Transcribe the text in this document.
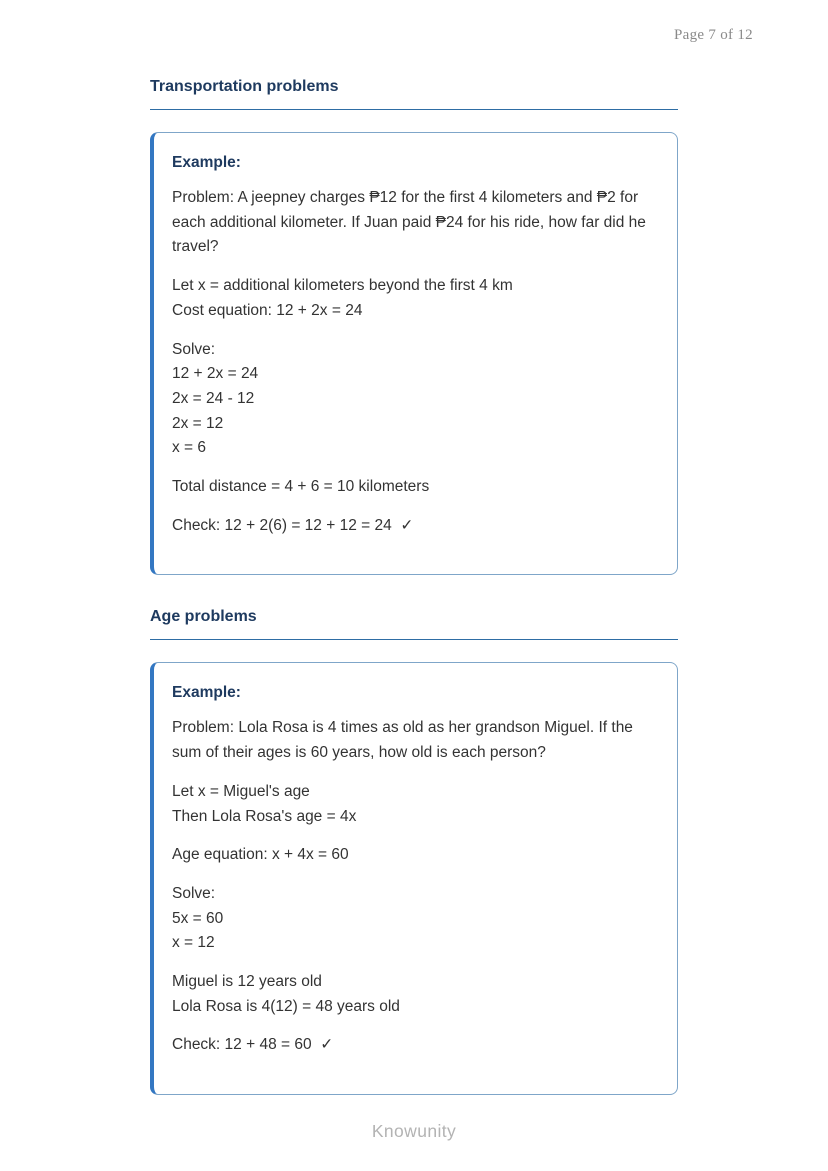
Page 7 of 12
Transportation problems
Example:
Problem: A jeepney charges ₱12 for the first 4 kilometers and ₱2 for each additional kilometer. If Juan paid ₱24 for his ride, how far did he travel?
Let x = additional kilometers beyond the first 4 km
Cost equation: 12 + 2x = 24
Solve:
12 + 2x = 24
2x = 24 - 12
2x = 12
x = 6
Total distance = 4 + 6 = 10 kilometers
Check: 12 + 2(6) = 12 + 12 = 24  ✓
Age problems
Example:
Problem: Lola Rosa is 4 times as old as her grandson Miguel. If the sum of their ages is 60 years, how old is each person?
Let x = Miguel's age
Then Lola Rosa's age = 4x
Age equation: x + 4x = 60
Solve:
5x = 60
x = 12
Miguel is 12 years old
Lola Rosa is 4(12) = 48 years old
Check: 12 + 48 = 60  ✓
Knowunity
